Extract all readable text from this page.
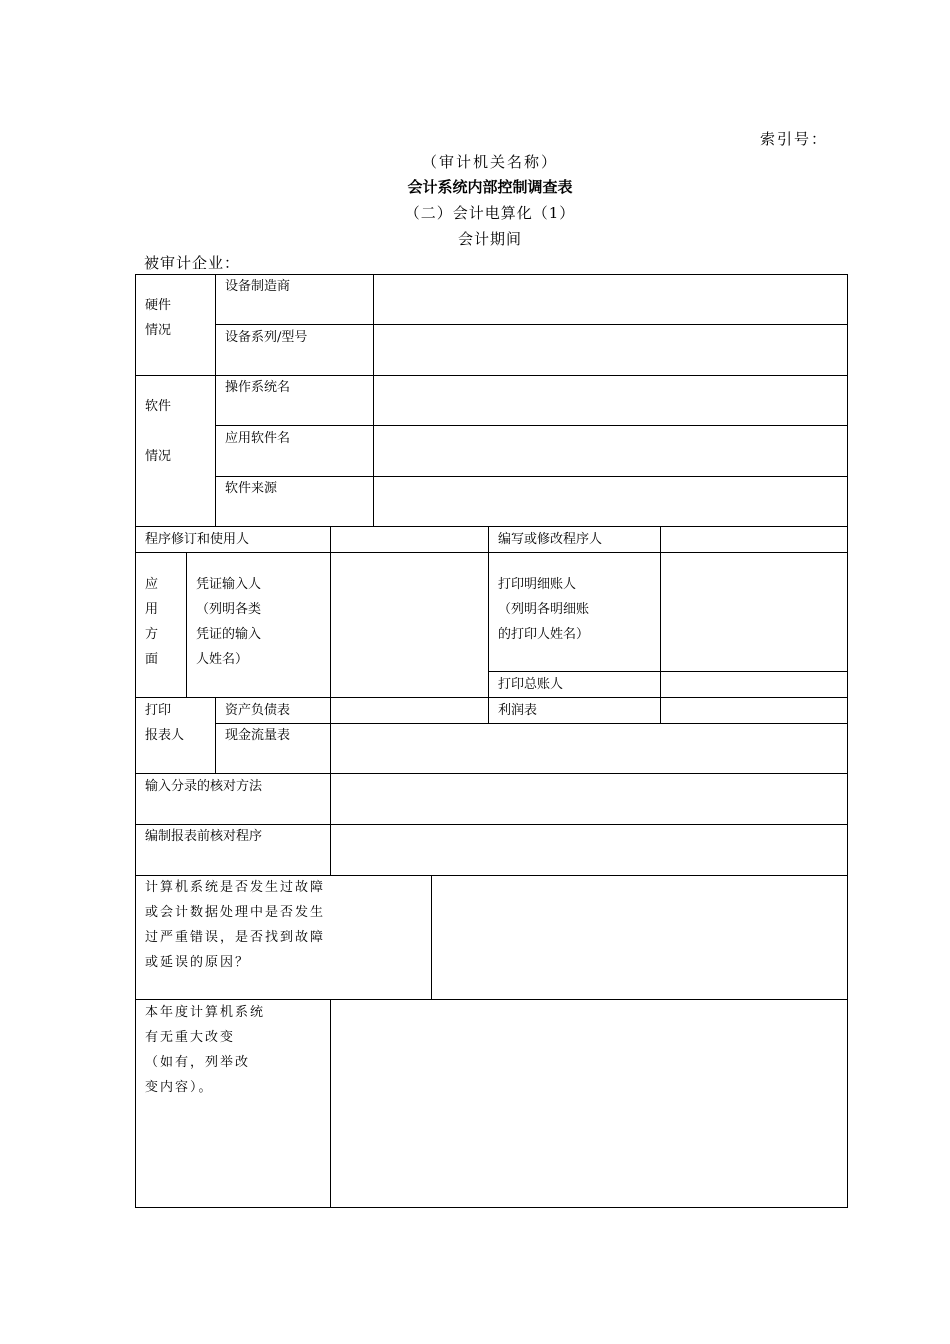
索引号：
（审计机关名称）
会计系统内部控制调查表
（二）会计电算化（1）
会计期间
被审计企业：
硬件
情况
设备制造商
设备系列/型号
软件
情况
操作系统名
应用软件名
软件来源
程序修订和使用人	编写或修改程序人
应
用
方
面
凭证输入人
（列明各类
凭证的输入
人姓名）
打印明细账人
（列明各明细账
的打印人姓名）
打印总账人
打印
报表人
资产负债表	利润表
现金流量表
输入分录的核对方法
编制报表前核对程序
计算机系统是否发生过故障
或会计数据处理中是否发生
过严重错误，是否找到故障
或延误的原因？
本年度计算机系统
有无重大改变
（如有，列举改
变内容）。
